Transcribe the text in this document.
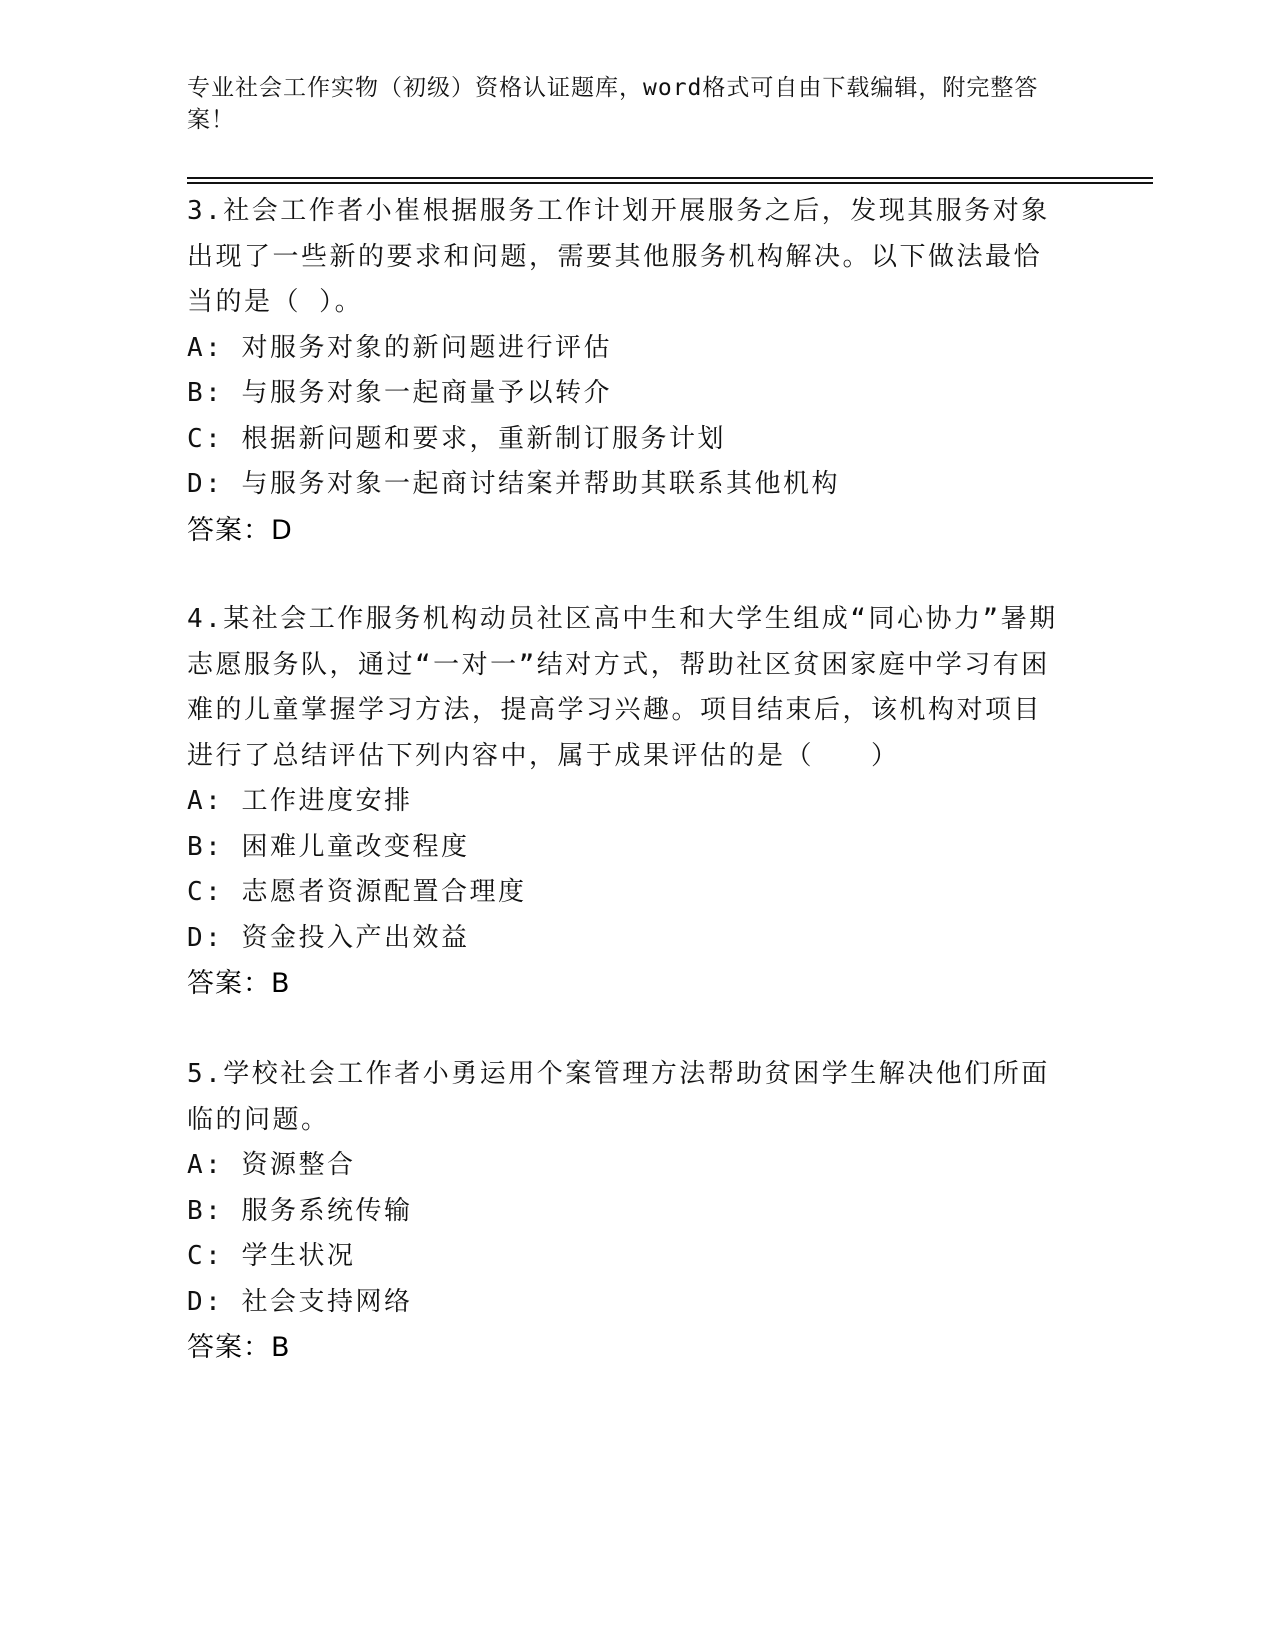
专业社会工作实物（初级）资格认证题库，word格式可自由下载编辑，附完整答案！

3.社会工作者小崔根据服务工作计划开展服务之后，发现其服务对象出现了一些新的要求和问题，需要其他服务机构解决。以下做法最恰当的是（ ）。

A: 对服务对象的新问题进行评估

B: 与服务对象一起商量予以转介

C: 根据新问题和要求，重新制订服务计划

D: 与服务对象一起商讨结案并帮助其联系其他机构

答案：D

4.某社会工作服务机构动员社区高中生和大学生组成“同心协力”暑期志愿服务队，通过“一对一”结对方式，帮助社区贫困家庭中学习有困难的儿童掌握学习方法，提高学习兴趣。项目结束后，该机构对项目进行了总结评估下列内容中，属于成果评估的是（　　）

A: 工作进度安排

B: 困难儿童改变程度

C: 志愿者资源配置合理度

D: 资金投入产出效益

答案：B

5.学校社会工作者小勇运用个案管理方法帮助贫困学生解决他们所面临的问题。

A: 资源整合

B: 服务系统传输

C: 学生状况

D: 社会支持网络

答案：B
